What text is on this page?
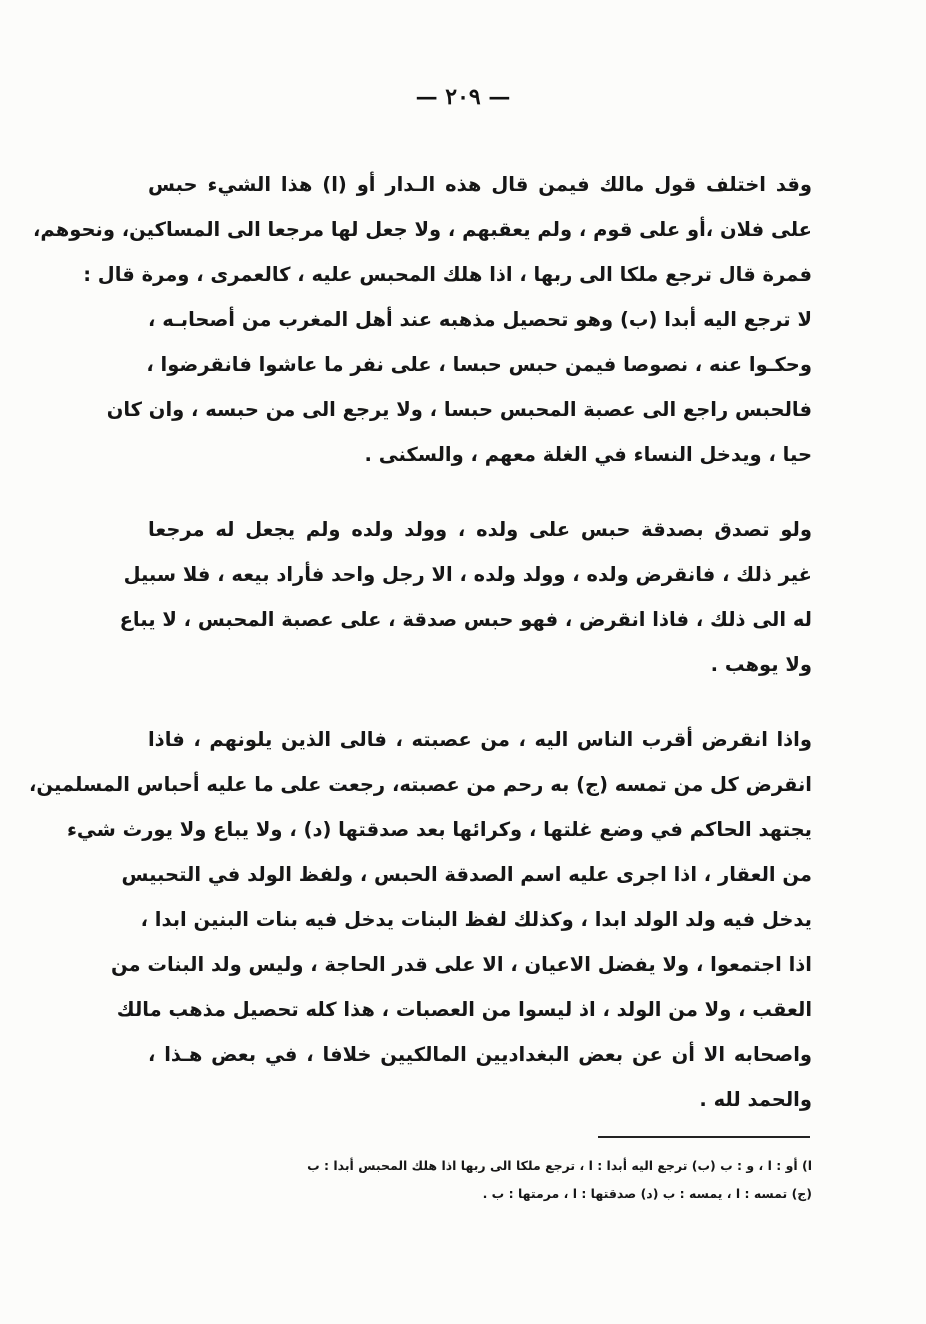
— ٢٠٩ —
وقد اختلف قول مالك فيمن قال هذه الـدار أو (ا) هذا الشيء حبس
على فلان ،أو على قوم ، ولم يعقبهم ، ولا جعل لها مرجعا الى المساكين، ونحوهم،
فمرة قال ترجع ملكا الى ربها ، اذا هلك المحبس عليه ، كالعمرى ، ومرة قال :
لا ترجع اليه أبدا (ب) وهو تحصيل مذهبه عند أهل المغرب من أصحابـه ،
وحكـوا عنه ، نصوصا فيمن حبس حبسا ، على نفر ما عاشوا فانقرضوا ،
فالحبس راجع الى عصبة المحبس حبسا ، ولا يرجع الى من حبسه ، وان كان
حيا ، ويدخل النساء في الغلة معهم ، والسكنى .
ولو تصدق بصدقة حبس على ولده ، وولد ولده ولم يجعل له مرجعا
غير ذلك ، فانقرض ولده ، وولد ولده ، الا رجل واحد فأراد بيعه ، فلا سبيل
له الى ذلك ، فاذا انقرض ، فهو حبس صدقة ، على عصبة المحبس ، لا يباع
ولا يوهب .
واذا انقرض أقرب الناس اليه ، من عصبته ، فالى الذين يلونهم ، فاذا
انقرض كل من تمسه (ج) به رحم من عصبته، رجعت على ما عليه أحباس المسلمين،
يجتهد الحاكم في وضع غلتها ، وكرائها بعد صدقتها (د) ، ولا يباع ولا يورث شيء
من العقار ، اذا اجرى عليه اسم الصدقة الحبس ، ولفظ الولد في التحبيس
يدخل فيه ولد الولد ابدا ، وكذلك لفظ البنات يدخل فيه بنات البنين ابدا ،
اذا اجتمعوا ، ولا يفضل الاعيان ، الا على قدر الحاجة ، وليس ولد البنات من
العقب ، ولا من الولد ، اذ ليسوا من العصبات ، هذا كله تحصيل مذهب مالك
واصحابه الا أن عن بعض البغداديين المالكيين خلافا ، في بعض هـذا ،
والحمد لله .
ا) أو : ا ، و : ب (ب) ترجع اليه أبدا : ا ، ترجع ملكا الى ربها اذا هلك المحبس أبدا : ب
(ج) تمسه : ا ، يمسه : ب (د) صدقتها : ا ، مرمتها : ب .
